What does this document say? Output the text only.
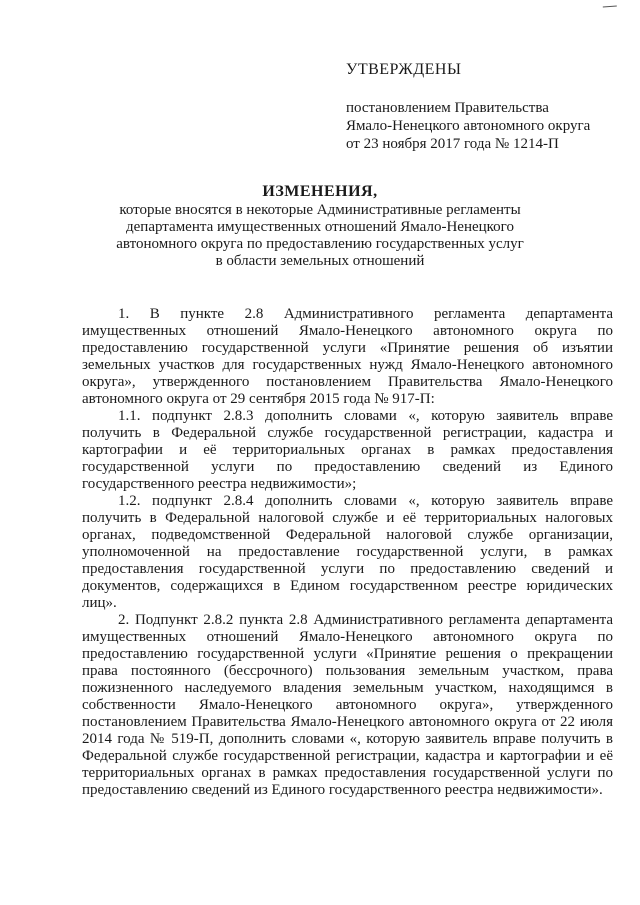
УТВЕРЖДЕНЫ
постановлением Правительства
Ямало-Ненецкого автономного округа
от 23 ноября 2017 года № 1214-П
ИЗМЕНЕНИЯ,
которые вносятся в некоторые Административные регламенты
департамента имущественных отношений Ямало-Ненецкого
автономного округа по предоставлению государственных услуг
в области земельных отношений

1. В пункте 2.8 Административного регламента департамента имущественных отношений Ямало-Ненецкого автономного округа по предоставлению государственной услуги «Принятие решения об изъятии земельных участков для государственных нужд Ямало-Ненецкого автономного округа», утвержденного постановлением Правительства Ямало-Ненецкого автономного округа от 29 сентября 2015 года № 917-П:

1.1. подпункт 2.8.3 дополнить словами «, которую заявитель вправе получить в Федеральной службе государственной регистрации, кадастра и картографии и её территориальных органах в рамках предоставления государственной услуги по предоставлению сведений из Единого государственного реестра недвижимости»;

1.2. подпункт 2.8.4 дополнить словами «, которую заявитель вправе получить в Федеральной налоговой службе и её территориальных налоговых органах, подведомственной Федеральной налоговой службе организации, уполномоченной на предоставление государственной услуги, в рамках предоставления государственной услуги по предоставлению сведений и документов, содержащихся в Едином государственном реестре юридических лиц».

2. Подпункт 2.8.2 пункта 2.8 Административного регламента департамента имущественных отношений Ямало-Ненецкого автономного округа по предоставлению государственной услуги «Принятие решения о прекращении права постоянного (бессрочного) пользования земельным участком, права пожизненного наследуемого владения земельным участком, находящимся в собственности Ямало-Ненецкого автономного округа», утвержденного постановлением Правительства Ямало-Ненецкого автономного округа от 22 июля 2014 года № 519-П, дополнить словами «, которую заявитель вправе получить в Федеральной службе государственной регистрации, кадастра и картографии и её территориальных органах в рамках предоставления государственной услуги по предоставлению сведений из Единого государственного реестра недвижимости».
